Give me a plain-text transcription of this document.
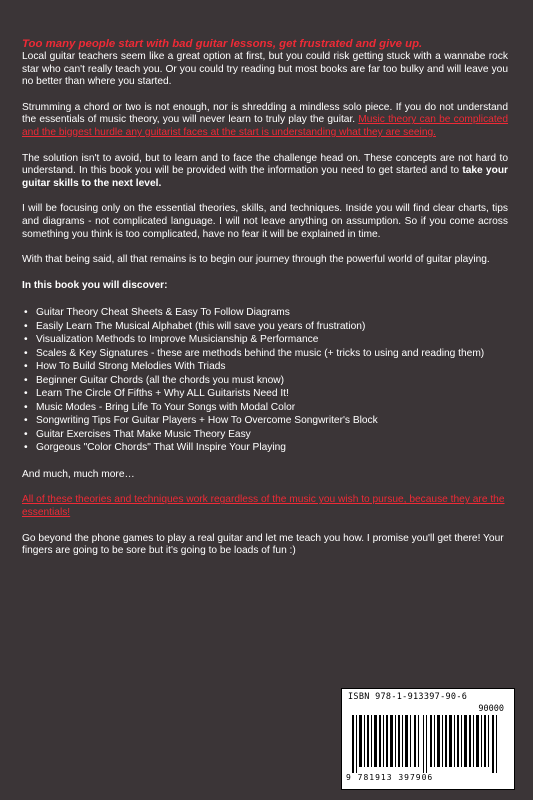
Too many people start with bad guitar lessons, get frustrated and give up.

Local guitar teachers seem like a great option at first, but you could risk getting stuck with a wannabe rock star who can't really teach you. Or you could try reading but most books are far too bulky and will leave you no better than where you started.

Strumming a chord or two is not enough, nor is shredding a mindless solo piece. If you do not understand the essentials of music theory, you will never learn to truly play the guitar. Music theory can be complicated and the biggest hurdle any guitarist faces at the start is understanding what they are seeing.

The solution isn't to avoid, but to learn and to face the challenge head on. These concepts are not hard to understand. In this book you will be provided with the information you need to get started and to take your guitar skills to the next level.

I will be focusing only on the essential theories, skills, and techniques. Inside you will find clear charts, tips and diagrams - not complicated language. I will not leave anything on assumption. So if you come across something you think is too complicated, have no fear it will be explained in time.

With that being said, all that remains is to begin our journey through the powerful world of guitar playing.

In this book you will discover:

• Guitar Theory Cheat Sheets & Easy To Follow Diagrams
• Easily Learn The Musical Alphabet (this will save you years of frustration)
• Visualization Methods to Improve Musicianship & Performance
• Scales & Key Signatures - these are methods behind the music (+ tricks to using and reading them)
• How To Build Strong Melodies With Triads
• Beginner Guitar Chords (all the chords you must know)
• Learn The Circle Of Fifths + Why ALL Guitarists Need It!
• Music Modes - Bring Life To Your Songs with Modal Color
• Songwriting Tips For Guitar Players + How To Overcome Songwriter's Block
• Guitar Exercises That Make Music Theory Easy
• Gorgeous "Color Chords" That Will Inspire Your Playing

And much, much more…

All of these theories and techniques work regardless of the music you wish to pursue, because they are the essentials!

Go beyond the phone games to play a real guitar and let me teach you how. I promise you'll get there! Your fingers are going to be sore but it's going to be loads of fun :)

ISBN 978-1-913397-90-6
90000
9 781913 397906
